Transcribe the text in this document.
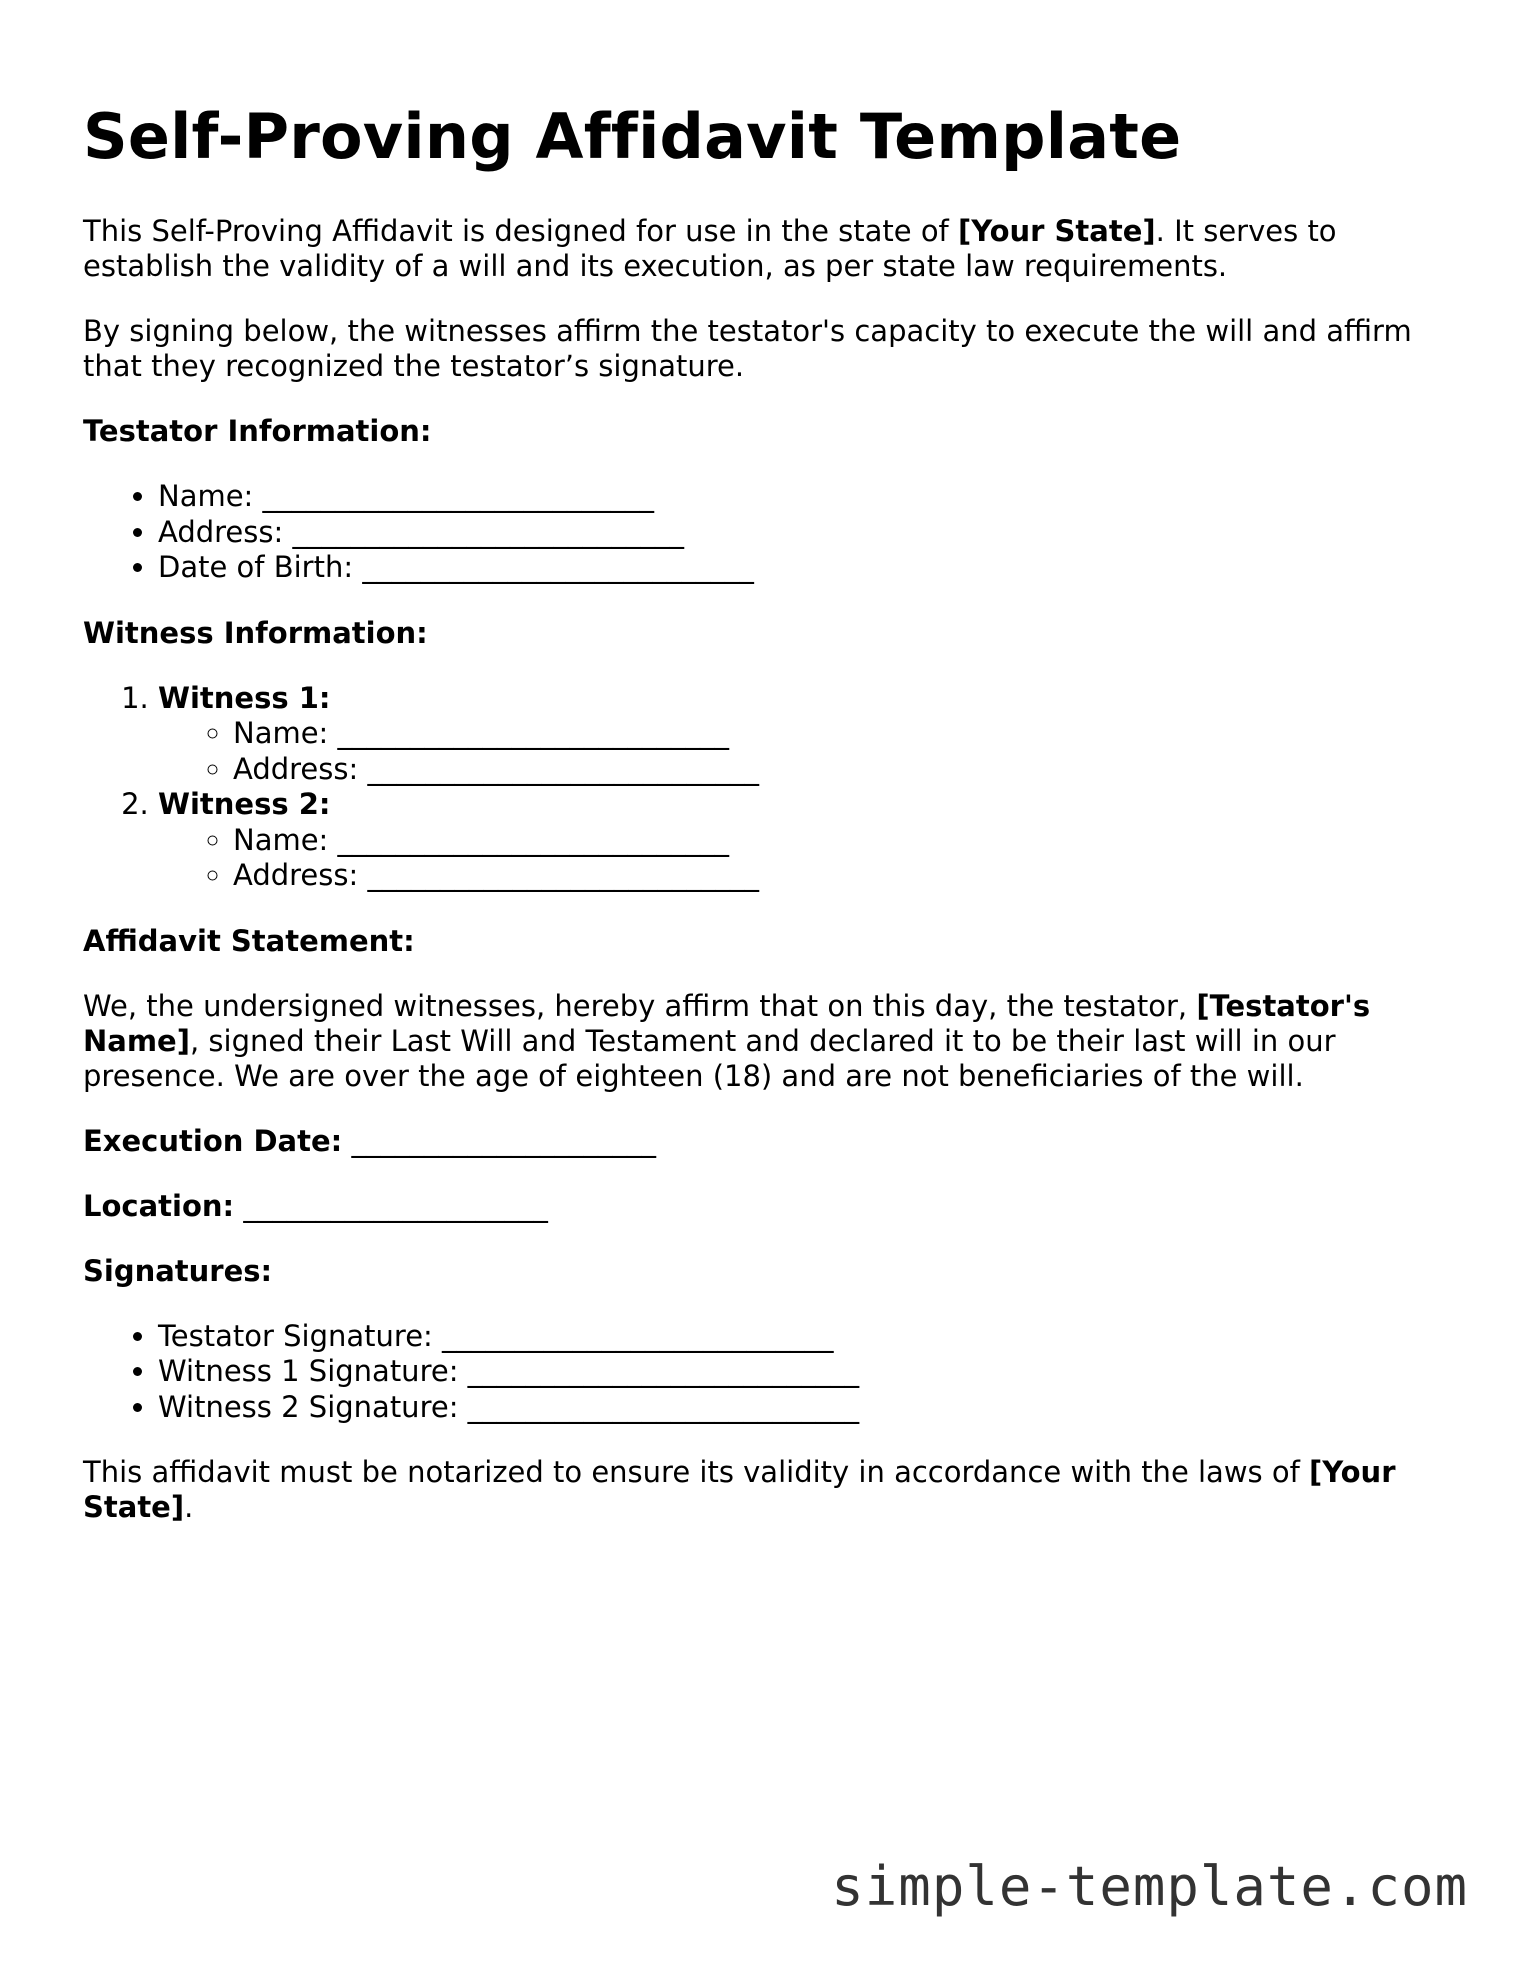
Self-Proving Affidavit Template

This Self-Proving Affidavit is designed for use in the state of [Your State]. It serves to establish the validity of a will and its execution, as per state law requirements.

By signing below, the witnesses affirm the testator's capacity to execute the will and affirm that they recognized the testator’s signature.

Testator Information:

• Name: ___________________________
• Address: ___________________________
• Date of Birth: ___________________________

Witness Information:

1. Witness 1:
◦ Name: ___________________________
◦ Address: ___________________________
2. Witness 2:
◦ Name: ___________________________
◦ Address: ___________________________

Affidavit Statement:

We, the undersigned witnesses, hereby affirm that on this day, the testator, [Testator's Name], signed their Last Will and Testament and declared it to be their last will in our presence. We are over the age of eighteen (18) and are not beneficiaries of the will.

Execution Date: _____________________

Location: _____________________

Signatures:

• Testator Signature: ___________________________
• Witness 1 Signature: ___________________________
• Witness 2 Signature: ___________________________

This affidavit must be notarized to ensure its validity in accordance with the laws of [Your State].

simple-template.com
